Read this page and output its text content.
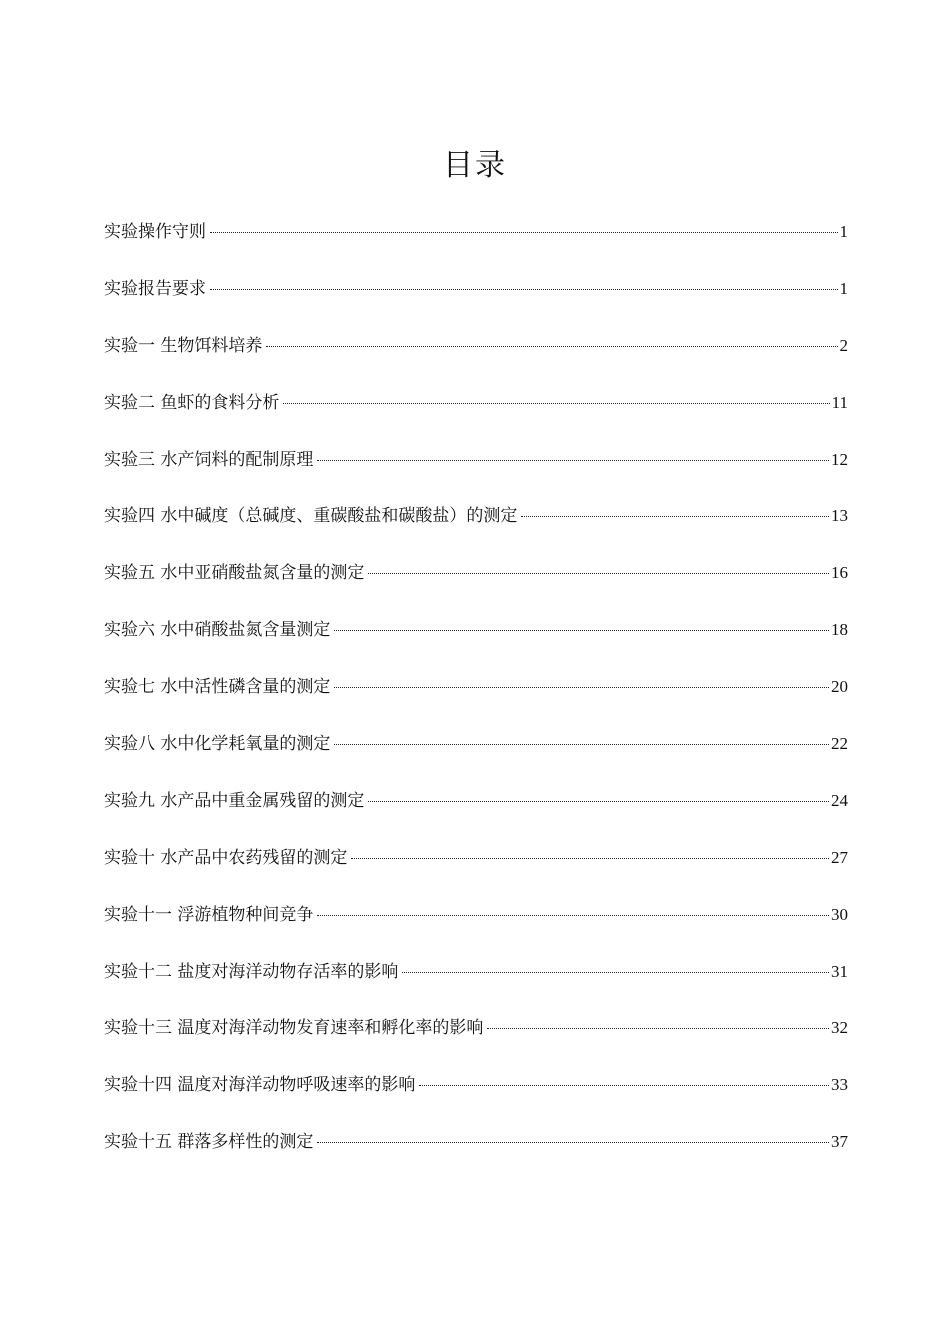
目录
实验操作守则	1
实验报告要求	1
实验一 生物饵料培养	2
实验二 鱼虾的食料分析	11
实验三 水产饲料的配制原理	12
实验四 水中碱度（总碱度、重碳酸盐和碳酸盐）的测定	13
实验五 水中亚硝酸盐氮含量的测定	16
实验六 水中硝酸盐氮含量测定	18
实验七 水中活性磷含量的测定	20
实验八 水中化学耗氧量的测定	22
实验九 水产品中重金属残留的测定	24
实验十 水产品中农药残留的测定	27
实验十一 浮游植物种间竞争	30
实验十二 盐度对海洋动物存活率的影响	31
实验十三 温度对海洋动物发育速率和孵化率的影响	32
实验十四 温度对海洋动物呼吸速率的影响	33
实验十五 群落多样性的测定	37
